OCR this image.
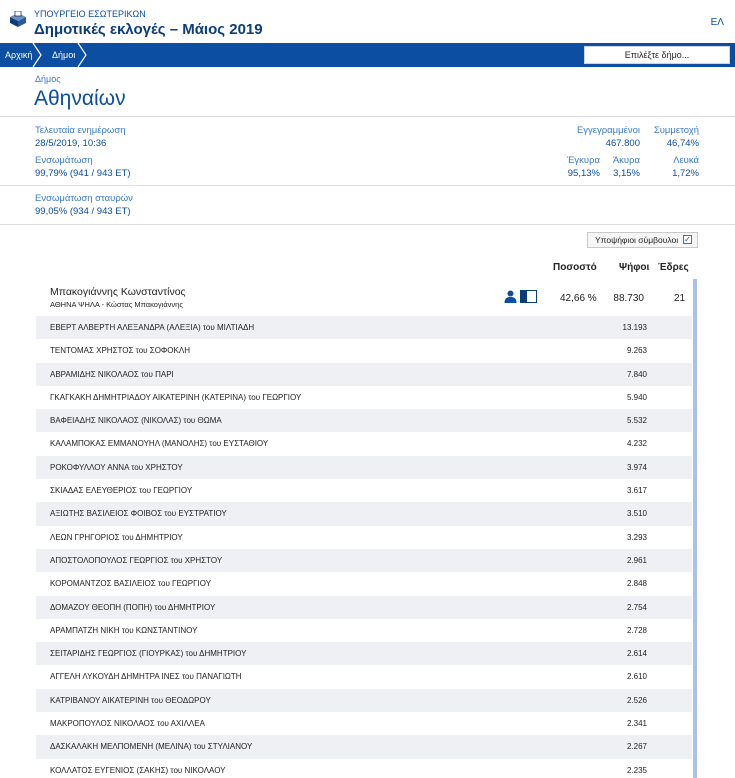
ΥΠΟΥΡΓΕΙΟ ΕΣΩΤΕΡΙΚΩΝ
Δημοτικές εκλογές – Μάιος 2019	ΕΛ
Αρχική Δήμοι	Επιλέξτε δήμο...
Δήμος
Αθηναίων
Τελευταία ενημέρωση
28/5/2019, 10:36
Ενσωμάτωση
99,79% (941 / 943 ΕΤ)
Εγγεγραμμένοι
467.800
Συμμετοχή
46,74%
Έγκυρα
95,13%
Άκυρα
3,15%
Λευκά
1,72%
Ενσωμάτωση σταυρών
99,05% (934 / 943 ΕΤ)
Υποψήφιοι σύμβουλοι ✓
Ποσοστό Ψήφοι Έδρες
Μπακογιάννης Κωνσταντίνος
ΑΘΗΝΑ ΨΗΛΑ - Κώστας Μπακογιάννης
42,66 % 88.730	21
ΕΒΕΡΤ ΑΛΒΕΡΤΗ ΑΛΕΞΑΝΔΡΑ (ΑΛΕΞΙΑ) του ΜΙΛΤΙΑΔΗ	13.193
ΤΕΝΤΟΜΑΣ ΧΡΗΣΤΟΣ του ΣΟΦΟΚΛΗ	9.263
ΑΒΡΑΜΙΔΗΣ ΝΙΚΟΛΑΟΣ του ΠΑΡΙ	7.840
ΓΚΑΓΚΑΚΗ ΔΗΜΗΤΡΙΑΔΟΥ ΑΙΚΑΤΕΡΙΝΗ (ΚΑΤΕΡΙΝΑ) του ΓΕΩΡΓΙΟΥ	5.940
ΒΑΦΕΙΑΔΗΣ ΝΙΚΟΛΑΟΣ (ΝΙΚΟΛΑΣ) του ΘΩΜΑ	5.532
ΚΑΛΑΜΠΟΚΑΣ ΕΜΜΑΝΟΥΗΛ (ΜΑΝΟΛΗΣ) του ΕΥΣΤΑΘΙΟΥ	4.232
ΡΟΚΟΦΥΛΛΟΥ ΑΝΝΑ του ΧΡΗΣΤΟΥ	3.974
ΣΚΙΑΔΑΣ ΕΛΕΥΘΕΡΙΟΣ του ΓΕΩΡΓΙΟΥ	3.617
ΑΞΙΩΤΗΣ ΒΑΣΙΛΕΙΟΣ ΦΟΙΒΟΣ του ΕΥΣΤΡΑΤΙΟΥ	3.510
ΛΕΩΝ ΓΡΗΓΟΡΙΟΣ του ΔΗΜΗΤΡΙΟΥ	3.293
ΑΠΟΣΤΟΛΟΠΟΥΛΟΣ ΓΕΩΡΓΙΟΣ του ΧΡΗΣΤΟΥ	2.961
ΚΟΡΟΜΑΝΤΖΟΣ ΒΑΣΙΛΕΙΟΣ του ΓΕΩΡΓΙΟΥ	2.848
ΔΟΜΑΖΟΥ ΘΕΟΠΗ (ΠΟΠΗ) του ΔΗΜΗΤΡΙΟΥ	2.754
ΑΡΑΜΠΑΤΖΗ ΝΙΚΗ του ΚΩΝΣΤΑΝΤΙΝΟΥ	2.728
ΣΕΙΤΑΡΙΔΗΣ ΓΕΩΡΓΙΟΣ (ΓΙΟΥΡΚΑΣ) του ΔΗΜΗΤΡΙΟΥ	2.614
ΑΓΓΕΛΗ ΛΥΚΟΥΔΗ ΔΗΜΗΤΡΑ ΙΝΕΣ του ΠΑΝΑΓΙΩΤΗ	2.610
ΚΑΤΡΙΒΑΝΟΥ ΑΙΚΑΤΕΡΙΝΗ του ΘΕΟΔΩΡΟΥ	2.526
ΜΑΚΡΟΠΟΥΛΟΣ ΝΙΚΟΛΑΟΣ του ΑΧΙΛΛΕΑ	2.341
ΔΑΣΚΑΛΑΚΗ ΜΕΛΠΟΜΕΝΗ (ΜΕΛΙΝΑ) του ΣΤΥΛΙΑΝΟΥ	2.267
ΚΟΛΛΑΤΟΣ ΕΥΓΕΝΙΟΣ (ΣΑΚΗΣ) του ΝΙΚΟΛΑΟΥ	2.235
